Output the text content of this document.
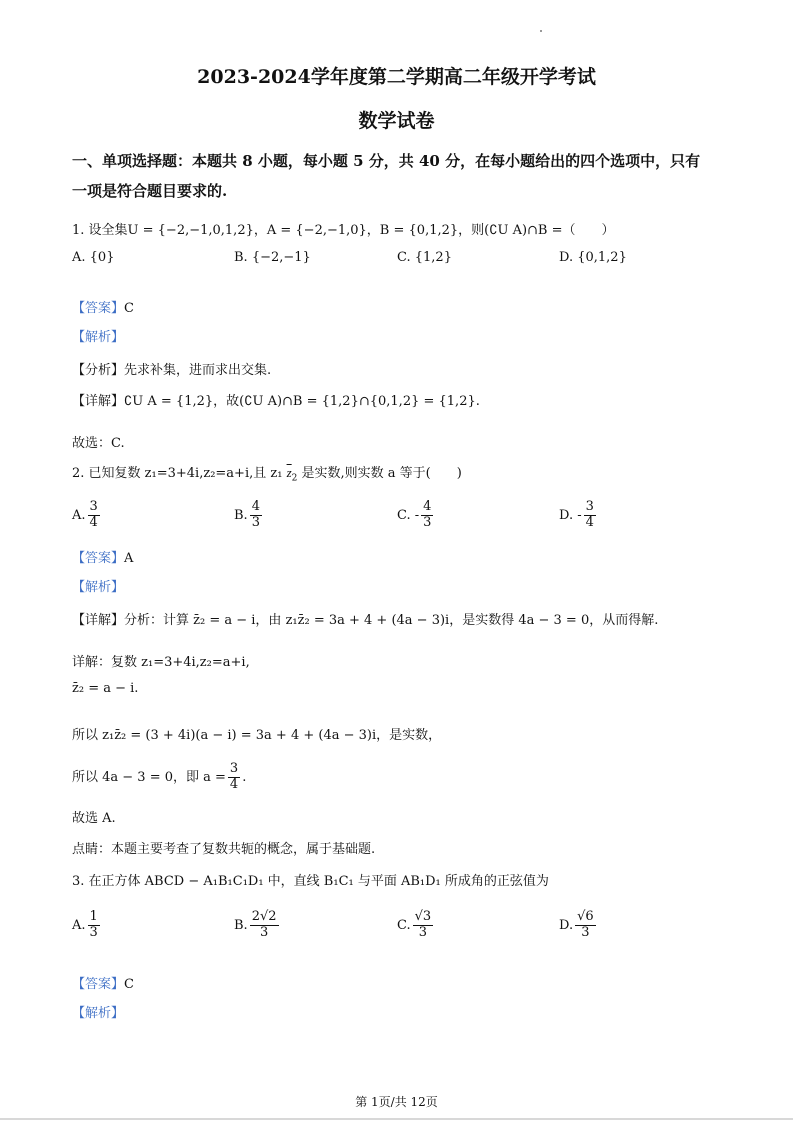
2023-2024学年度第二学期高二年级开学考试
数学试卷
一、单项选择题：本题共 8 小题，每小题 5 分，共 40 分，在每小题给出的四个选项中，只有
一项是符合题目要求的.
1. 设全集U = {−2,−1,0,1,2}，A = {−2,−1,0}，B = {0,1,2}，则(∁U A)∩B =（　　）
A. {0}	B. {−2,−1}	C. {1,2}	D. {0,1,2}
【答案】C
【解析】
【分析】先求补集，进而求出交集.
【详解】∁U A = {1,2}，故(∁U A)∩B = {1,2}∩{0,1,2} = {1,2}.
故选：C.
2. 已知复数 z₁=3+4i,z₂=a+i,且 z₁ $\overline{z}_2$ 是实数,则实数 a 等于(　　)
A. $\frac{3}{4}$	B. $\frac{4}{3}$	C. - $\frac{4}{3}$	D. - $\frac{3}{4}$
【答案】A
【解析】
【详解】分析：计算 z̄₂ = a − i，由 z₁z̄₂ = 3a + 4 + (4a − 3)i，是实数得 4a − 3 = 0，从而得解.
详解：复数 z₁=3+4i,z₂=a+i,
z̄₂ = a − i.
所以 z₁z̄₂ = (3 + 4i)(a − i) = 3a + 4 + (4a − 3)i，是实数，
所以 4a − 3 = 0，即 $a = \frac{3}{4}$ .
故选 A.
点睛：本题主要考查了复数共轭的概念，属于基础题.
3. 在正方体 ABCD − A₁B₁C₁D₁ 中，直线 B₁C₁ 与平面 AB₁D₁ 所成角的正弦值为
A. $\frac{1}{3}$	B. $\frac{2√2}{3}$	C. $\frac{√3}{3}$	D. $\frac{√6}{3}$
【答案】C
【解析】
第 1页/共 12页
